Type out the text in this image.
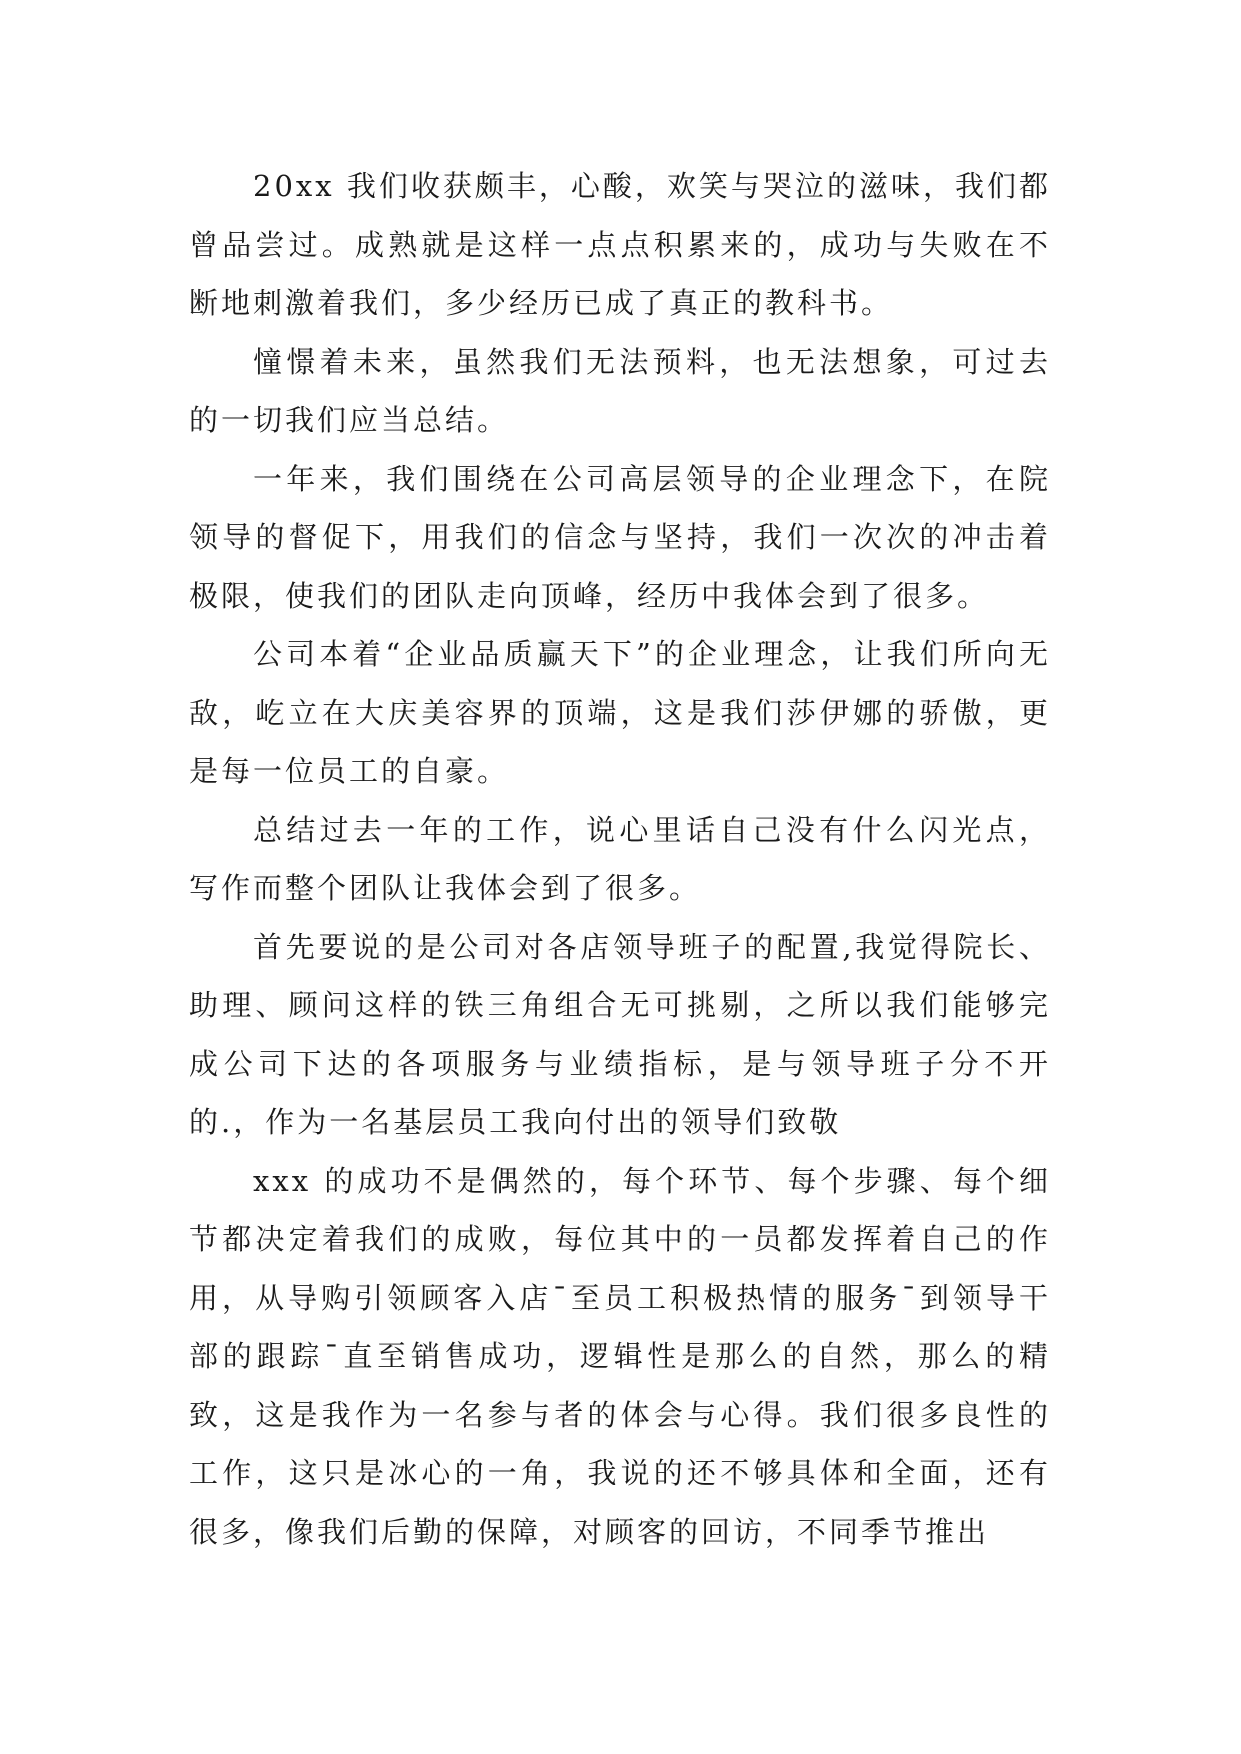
20xx 我们收获颇丰，心酸，欢笑与哭泣的滋味，我们都曾品尝过。成熟就是这样一点点积累来的，成功与失败在不断地刺激着我们，多少经历已成了真正的教科书。

憧憬着未来，虽然我们无法预料，也无法想象，可过去的一切我们应当总结。

一年来，我们围绕在公司高层领导的企业理念下，在院领导的督促下，用我们的信念与坚持，我们一次次的冲击着极限，使我们的团队走向顶峰，经历中我体会到了很多。

公司本着“企业品质赢天下”的企业理念，让我们所向无敌，屹立在大庆美容界的顶端，这是我们莎伊娜的骄傲，更是每一位员工的自豪。

总结过去一年的工作，说心里话自己没有什么闪光点，写作而整个团队让我体会到了很多。

首先要说的是公司对各店领导班子的配置,我觉得院长、助理、顾问这样的铁三角组合无可挑剔，之所以我们能够完成公司下达的各项服务与业绩指标，是与领导班子分不开的.，作为一名基层员工我向付出的领导们致敬

xxx 的成功不是偶然的，每个环节、每个步骤、每个细节都决定着我们的成败，每位其中的一员都发挥着自己的作用，从导购引领顾客入店¯至员工积极热情的服务¯到领导干部的跟踪¯直至销售成功，逻辑性是那么的自然，那么的精致，这是我作为一名参与者的体会与心得。我们很多良性的工作，这只是冰心的一角，我说的还不够具体和全面，还有很多，像我们后勤的保障，对顾客的回访，不同季节推出
